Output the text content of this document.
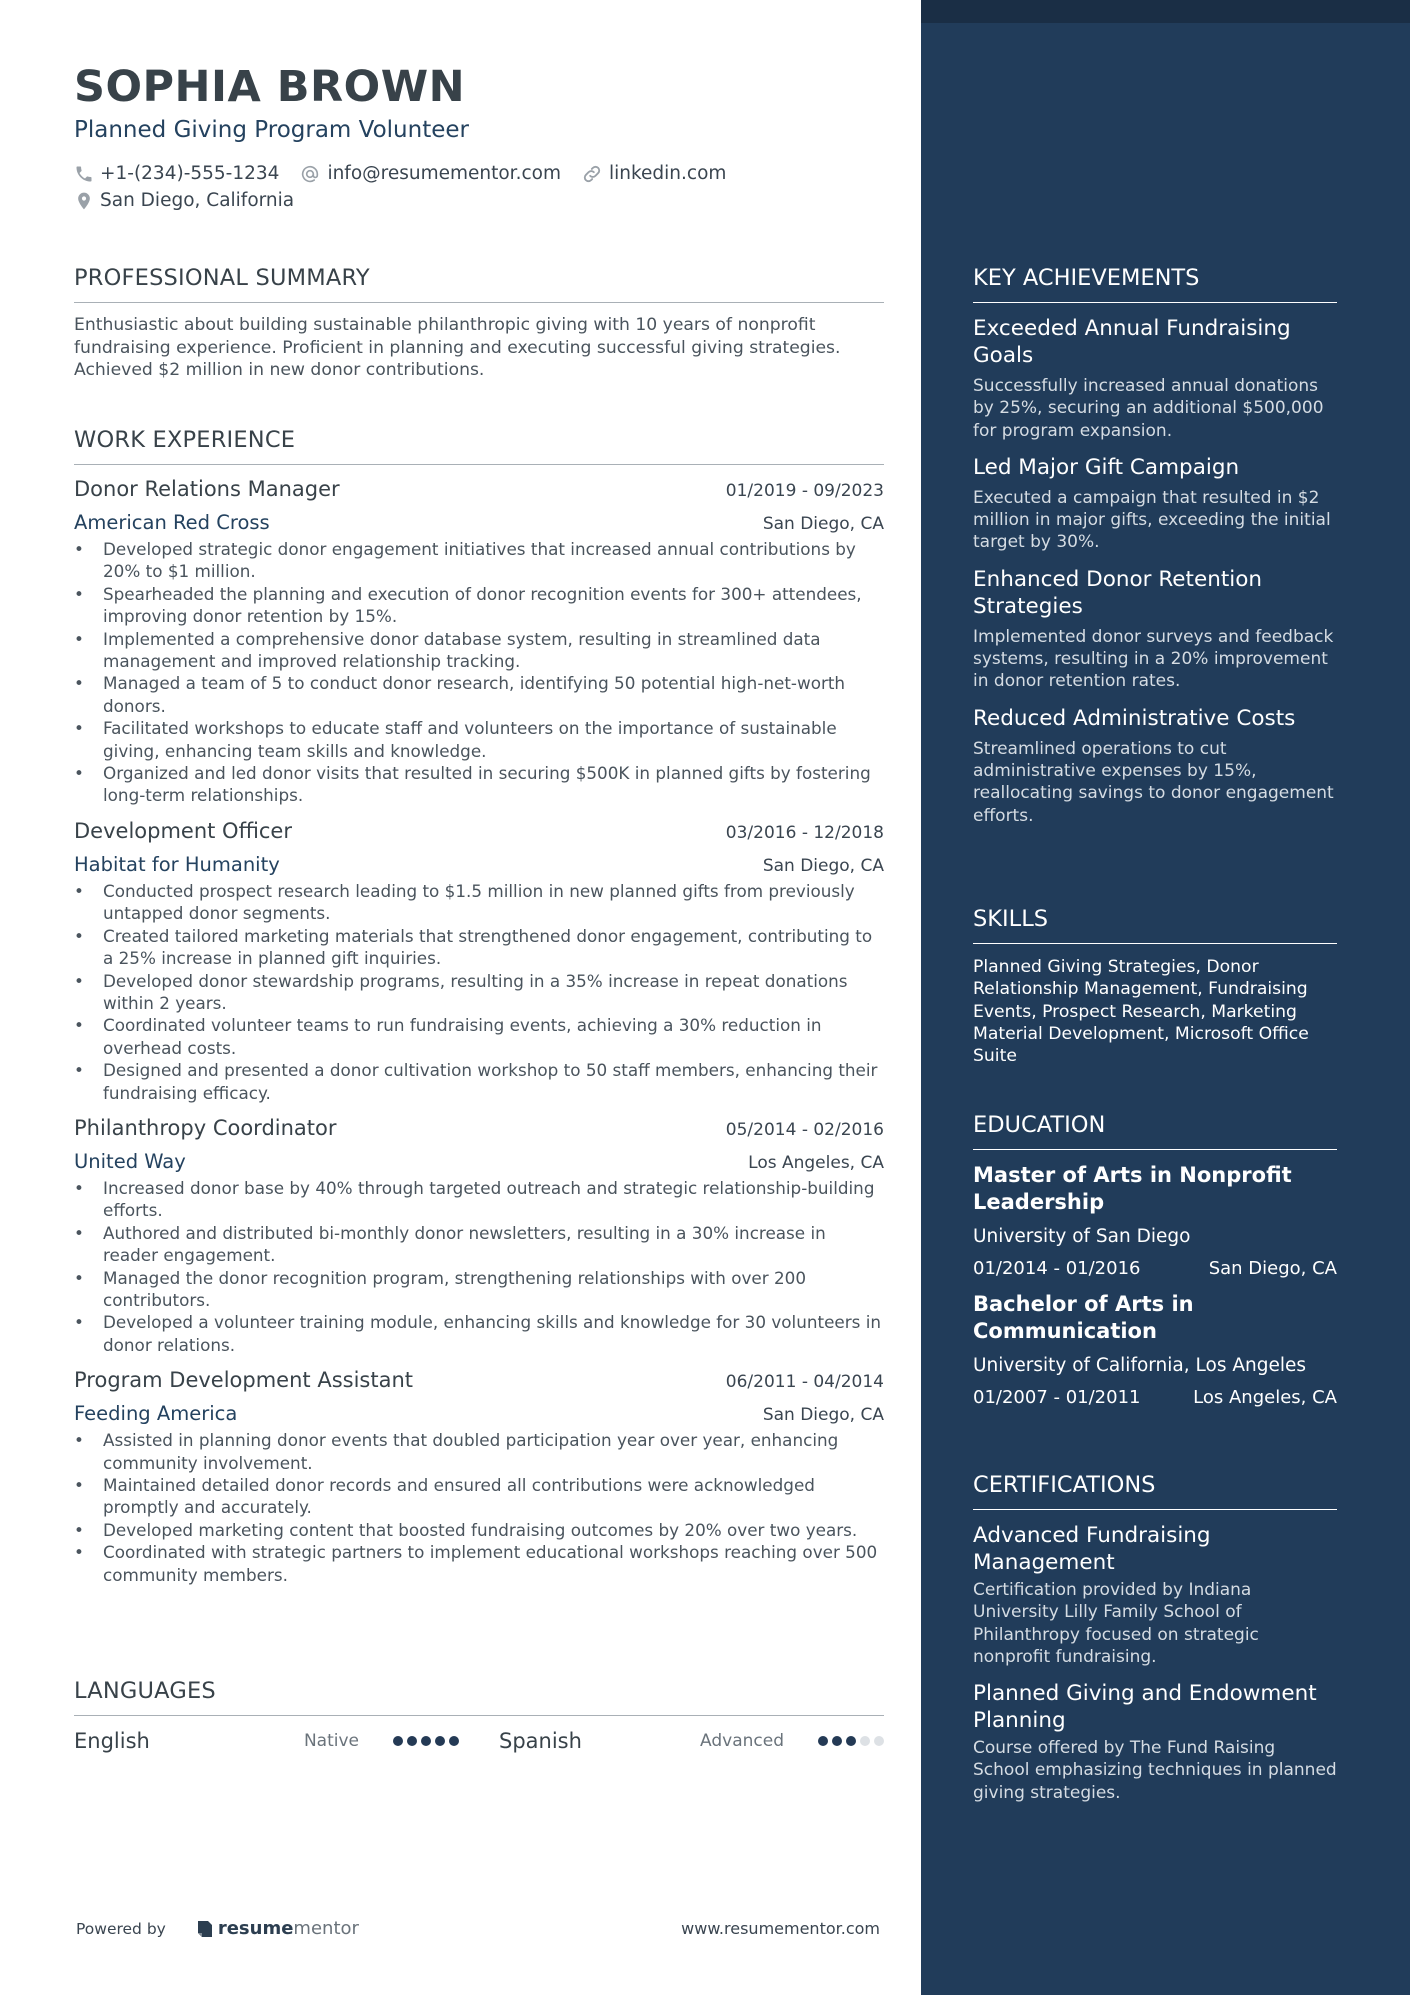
SOPHIA BROWN
Planned Giving Program Volunteer
+1-(234)-555-1234	info@resumementor.com	linkedin.com
San Diego, California
PROFESSIONAL SUMMARY
Enthusiastic about building sustainable philanthropic giving with 10 years of nonprofit fundraising experience. Proficient in planning and executing successful giving strategies. Achieved $2 million in new donor contributions.
WORK EXPERIENCE
Donor Relations Manager	01/2019 - 09/2023
American Red Cross	San Diego, CA
• Developed strategic donor engagement initiatives that increased annual contributions by 20% to $1 million.
• Spearheaded the planning and execution of donor recognition events for 300+ attendees, improving donor retention by 15%.
• Implemented a comprehensive donor database system, resulting in streamlined data management and improved relationship tracking.
• Managed a team of 5 to conduct donor research, identifying 50 potential high-net-worth donors.
• Facilitated workshops to educate staff and volunteers on the importance of sustainable giving, enhancing team skills and knowledge.
• Organized and led donor visits that resulted in securing $500K in planned gifts by fostering long-term relationships.
Development Officer	03/2016 - 12/2018
Habitat for Humanity	San Diego, CA
• Conducted prospect research leading to $1.5 million in new planned gifts from previously untapped donor segments.
• Created tailored marketing materials that strengthened donor engagement, contributing to a 25% increase in planned gift inquiries.
• Developed donor stewardship programs, resulting in a 35% increase in repeat donations within 2 years.
• Coordinated volunteer teams to run fundraising events, achieving a 30% reduction in overhead costs.
• Designed and presented a donor cultivation workshop to 50 staff members, enhancing their fundraising efficacy.
Philanthropy Coordinator	05/2014 - 02/2016
United Way	Los Angeles, CA
• Increased donor base by 40% through targeted outreach and strategic relationship-building efforts.
• Authored and distributed bi-monthly donor newsletters, resulting in a 30% increase in reader engagement.
• Managed the donor recognition program, strengthening relationships with over 200 contributors.
• Developed a volunteer training module, enhancing skills and knowledge for 30 volunteers in donor relations.
Program Development Assistant	06/2011 - 04/2014
Feeding America	San Diego, CA
• Assisted in planning donor events that doubled participation year over year, enhancing community involvement.
• Maintained detailed donor records and ensured all contributions were acknowledged promptly and accurately.
• Developed marketing content that boosted fundraising outcomes by 20% over two years.
• Coordinated with strategic partners to implement educational workshops reaching over 500 community members.
LANGUAGES
English	Native	Spanish	Advanced
Powered by	resume mentor	www.resumementor.com
KEY ACHIEVEMENTS
Exceeded Annual Fundraising Goals
Successfully increased annual donations by 25%, securing an additional $500,000 for program expansion.
Led Major Gift Campaign
Executed a campaign that resulted in $2 million in major gifts, exceeding the initial target by 30%.
Enhanced Donor Retention Strategies
Implemented donor surveys and feedback systems, resulting in a 20% improvement in donor retention rates.
Reduced Administrative Costs
Streamlined operations to cut administrative expenses by 15%, reallocating savings to donor engagement efforts.
SKILLS
Planned Giving Strategies, Donor Relationship Management, Fundraising Events, Prospect Research, Marketing Material Development, Microsoft Office Suite
EDUCATION
Master of Arts in Nonprofit Leadership
University of San Diego
01/2014 - 01/2016	San Diego, CA
Bachelor of Arts in Communication
University of California, Los Angeles
01/2007 - 01/2011	Los Angeles, CA
CERTIFICATIONS
Advanced Fundraising Management
Certification provided by Indiana University Lilly Family School of Philanthropy focused on strategic nonprofit fundraising.
Planned Giving and Endowment Planning
Course offered by The Fund Raising School emphasizing techniques in planned giving strategies.
